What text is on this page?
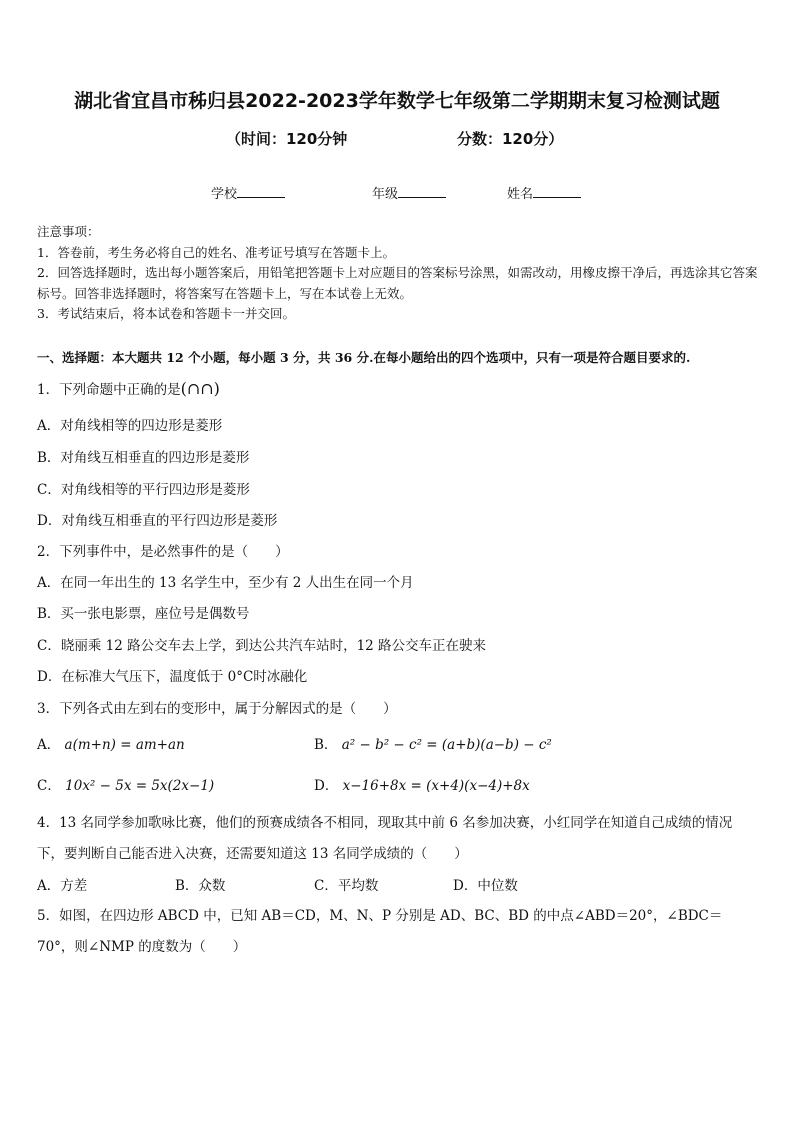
湖北省宜昌市秭归县2022-2023学年数学七年级第二学期期末复习检测试题
（时间：120分钟	分数：120分）
学校	年级	姓名
注意事项：
1．答卷前，考生务必将自己的姓名、准考证号填写在答题卡上。
2．回答选择题时，选出每小题答案后，用铅笔把答题卡上对应题目的答案标号涂黑，如需改动，用橡皮擦干净后，再选涂其它答案标号。回答非选择题时，将答案写在答题卡上，写在本试卷上无效。
3．考试结束后，将本试卷和答题卡一并交回。
一、选择题：本大题共 12 个小题，每小题 3 分，共 36 分.在每小题给出的四个选项中，只有一项是符合题目要求的.
1．下列命题中正确的是(∩∩)
A．对角线相等的四边形是菱形
B．对角线互相垂直的四边形是菱形
C．对角线相等的平行四边形是菱形
D．对角线互相垂直的平行四边形是菱形
2．下列事件中，是必然事件的是（　　）
A．在同一年出生的 13 名学生中，至少有 2 人出生在同一个月
B．买一张电影票，座位号是偶数号
C．晓丽乘 12 路公交车去上学，到达公共汽车站时，12 路公交车正在驶来
D．在标准大气压下，温度低于 0°C时冰融化
3．下列各式由左到右的变形中，属于分解因式的是（　　）
A． a(m+n) = am+an	B． a² − b² − c² = (a+b)(a−b) − c²
C． 10x² − 5x = 5x(2x−1)	D． x−16+8x = (x+4)(x−4)+8x
4．13 名同学参加歌咏比赛，他们的预赛成绩各不相同，现取其中前 6 名参加决赛，小红同学在知道自己成绩的情况下，要判断自己能否进入决赛，还需要知道这 13 名同学成绩的（　　）
A．方差	B．众数	C．平均数	D．中位数
5．如图，在四边形 ABCD 中，已知 AB＝CD，M、N、P 分别是 AD、BC、BD 的中点∠ABD＝20°，∠BDC＝70°，则∠NMP 的度数为（　　）
